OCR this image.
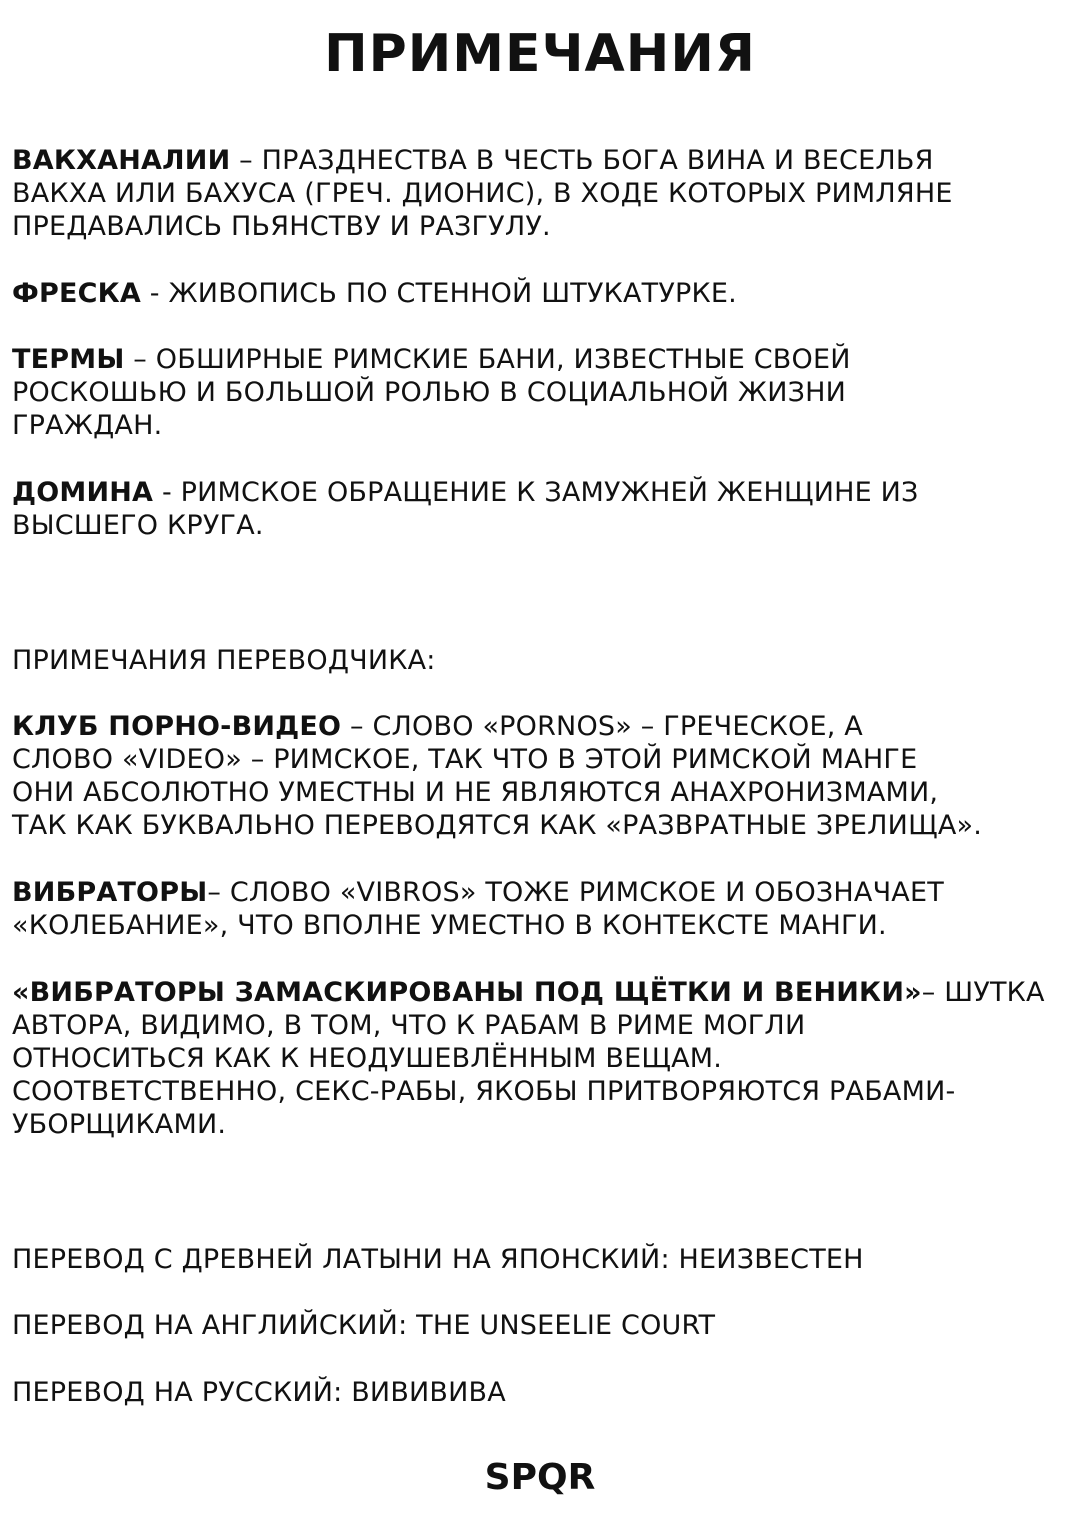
ПРИМЕЧАНИЯ
ВАКХАНАЛИИ – ПРАЗДНЕСТВА В ЧЕСТЬ БОГА ВИНА И ВЕСЕЛЬЯ
ВАКХА ИЛИ БАХУСА (ГРЕЧ. ДИОНИС), В ХОДЕ КОТОРЫХ РИМЛЯНЕ
ПРЕДАВАЛИСЬ ПЬЯНСТВУ И РАЗГУЛУ.
ФРЕСКА - ЖИВОПИСЬ ПО СТЕННОЙ ШТУКАТУРКЕ.
ТЕРМЫ – ОБШИРНЫЕ РИМСКИЕ БАНИ, ИЗВЕСТНЫЕ СВОЕЙ
РОСКОШЬЮ И БОЛЬШОЙ РОЛЬЮ В СОЦИАЛЬНОЙ ЖИЗНИ
ГРАЖДАН.
ДОМИНА - РИМСКОЕ ОБРАЩЕНИЕ К ЗАМУЖНЕЙ ЖЕНЩИНЕ ИЗ
ВЫСШЕГО КРУГА.
ПРИМЕЧАНИЯ ПЕРЕВОДЧИКА:
КЛУБ ПОРНО-ВИДЕО – СЛОВО «PORNOS» – ГРЕЧЕСКОЕ, А
СЛОВО «VIDEO» – РИМСКОЕ, ТАК ЧТО В ЭТОЙ РИМСКОЙ МАНГЕ
ОНИ АБСОЛЮТНО УМЕСТНЫ И НЕ ЯВЛЯЮТСЯ АНАХРОНИЗМАМИ,
ТАК КАК БУКВАЛЬНО ПЕРЕВОДЯТСЯ КАК «РАЗВРАТНЫЕ ЗРЕЛИЩА».
ВИБРАТОРЫ– СЛОВО «VIBROS» ТОЖЕ РИМСКОЕ И ОБОЗНАЧАЕТ
«КОЛЕБАНИЕ», ЧТО ВПОЛНЕ УМЕСТНО В КОНТЕКСТЕ МАНГИ.
«ВИБРАТОРЫ ЗАМАСКИРОВАНЫ ПОД ЩЁТКИ И ВЕНИКИ»– ШУТКА
АВТОРА, ВИДИМО, В ТОМ, ЧТО К РАБАМ В РИМЕ МОГЛИ
ОТНОСИТЬСЯ КАК К НЕОДУШЕВЛЁННЫМ ВЕЩАМ.
СООТВЕТСТВЕННО, СЕКС-РАБЫ, ЯКОБЫ ПРИТВОРЯЮТСЯ РАБАМИ-
УБОРЩИКАМИ.
ПЕРЕВОД С ДРЕВНЕЙ ЛАТЫНИ НА ЯПОНСКИЙ: НЕИЗВЕСТЕН
ПЕРЕВОД НА АНГЛИЙСКИЙ: THE UNSEELIE COURT
ПЕРЕВОД НА РУССКИЙ: ВИВИВИВА
SPQR
